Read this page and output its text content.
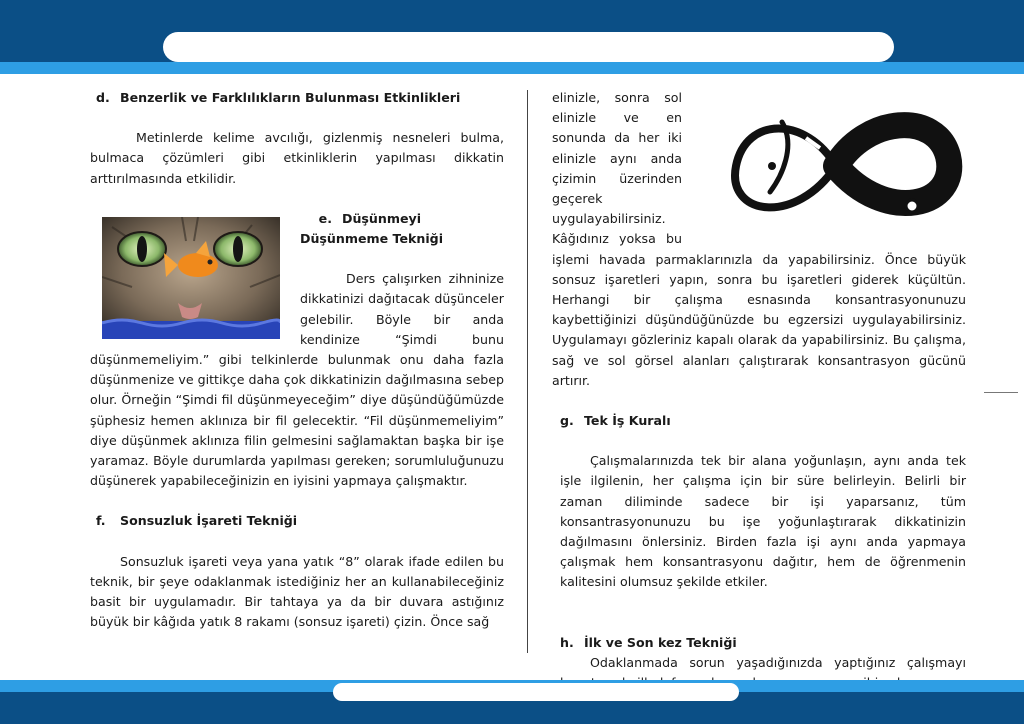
d. Benzerlik ve Farklılıkların Bulunması Etkinlikleri

Metinlerde kelime avcılığı, gizlenmiş nesneleri bulma, bulmaca çözümleri gibi etkinliklerin yapılması dikkatin arttırılmasında etkilidir.

e. Düşünmeyi Düşünmeme Tekniği

Ders çalışırken zihninize dikkatinizi dağıtacak düşünceler gelebilir. Böyle bir anda kendinize “Şimdi bunu düşünmemeliyim.” gibi telkinlerde bulunmak onu daha fazla düşünmenize ve gittikçe daha çok dikkatinizin dağılmasına sebep olur. Örneğin “Şimdi fil düşünmeyeceğim” diye düşündüğümüzde şüphesiz hemen aklınıza bir fil gelecektir. “Fil düşünmemeliyim” diye düşünmek aklınıza filin gelmesini sağlamaktan başka bir işe yaramaz. Böyle durumlarda yapılması gereken; sorumluluğunuzu düşünerek yapabileceğinizin en iyisini yapmaya çalışmaktır.

f. Sonsuzluk İşareti Tekniği

Sonsuzluk işareti veya yana yatık “8” olarak ifade edilen bu teknik, bir şeye odaklanmak istediğiniz her an kullanabileceğiniz basit bir uygulamadır. Bir tahtaya ya da bir duvara astığınız büyük bir kâğıda yatık 8 rakamı (sonsuz işareti) çizin. Önce sağ

elinizle, sonra sol elinizle ve en sonunda da her iki elinizle aynı anda çizimin üzerinden geçerek uygulayabilirsiniz. Kâğıdınız yoksa bu işlemi havada parmaklarınızla da yapabilirsiniz. Önce büyük sonsuz işaretleri yapın, sonra bu işaretleri giderek küçültün. Herhangi bir çalışma esnasında konsantrasyonunuzu kaybettiğinizi düşündüğünüzde bu egzersizi uygulayabilirsiniz. Uygulamayı gözleriniz kapalı olarak da yapabilirsiniz. Bu çalışma, sağ ve sol görsel alanları çalıştırarak konsantrasyon gücünü artırır.

g. Tek İş Kuralı

Çalışmalarınızda tek bir alana yoğunlaşın, aynı anda tek işle ilgilenin, her çalışma için bir süre belirleyin. Belirli bir zaman diliminde sadece bir işi yaparsanız, tüm konsantrasyonunuzu bu işe yoğunlaştırarak dikkatinizin dağılmasını önlersiniz. Birden fazla işi aynı anda yapmaya çalışmak hem konsantrasyonu dağıtır, hem de öğrenmenin kalitesini olumsuz şekilde etkiler.

h. İlk ve Son kez Tekniği

Odaklanmada sorun yaşadığınızda yaptığınız çalışmayı
